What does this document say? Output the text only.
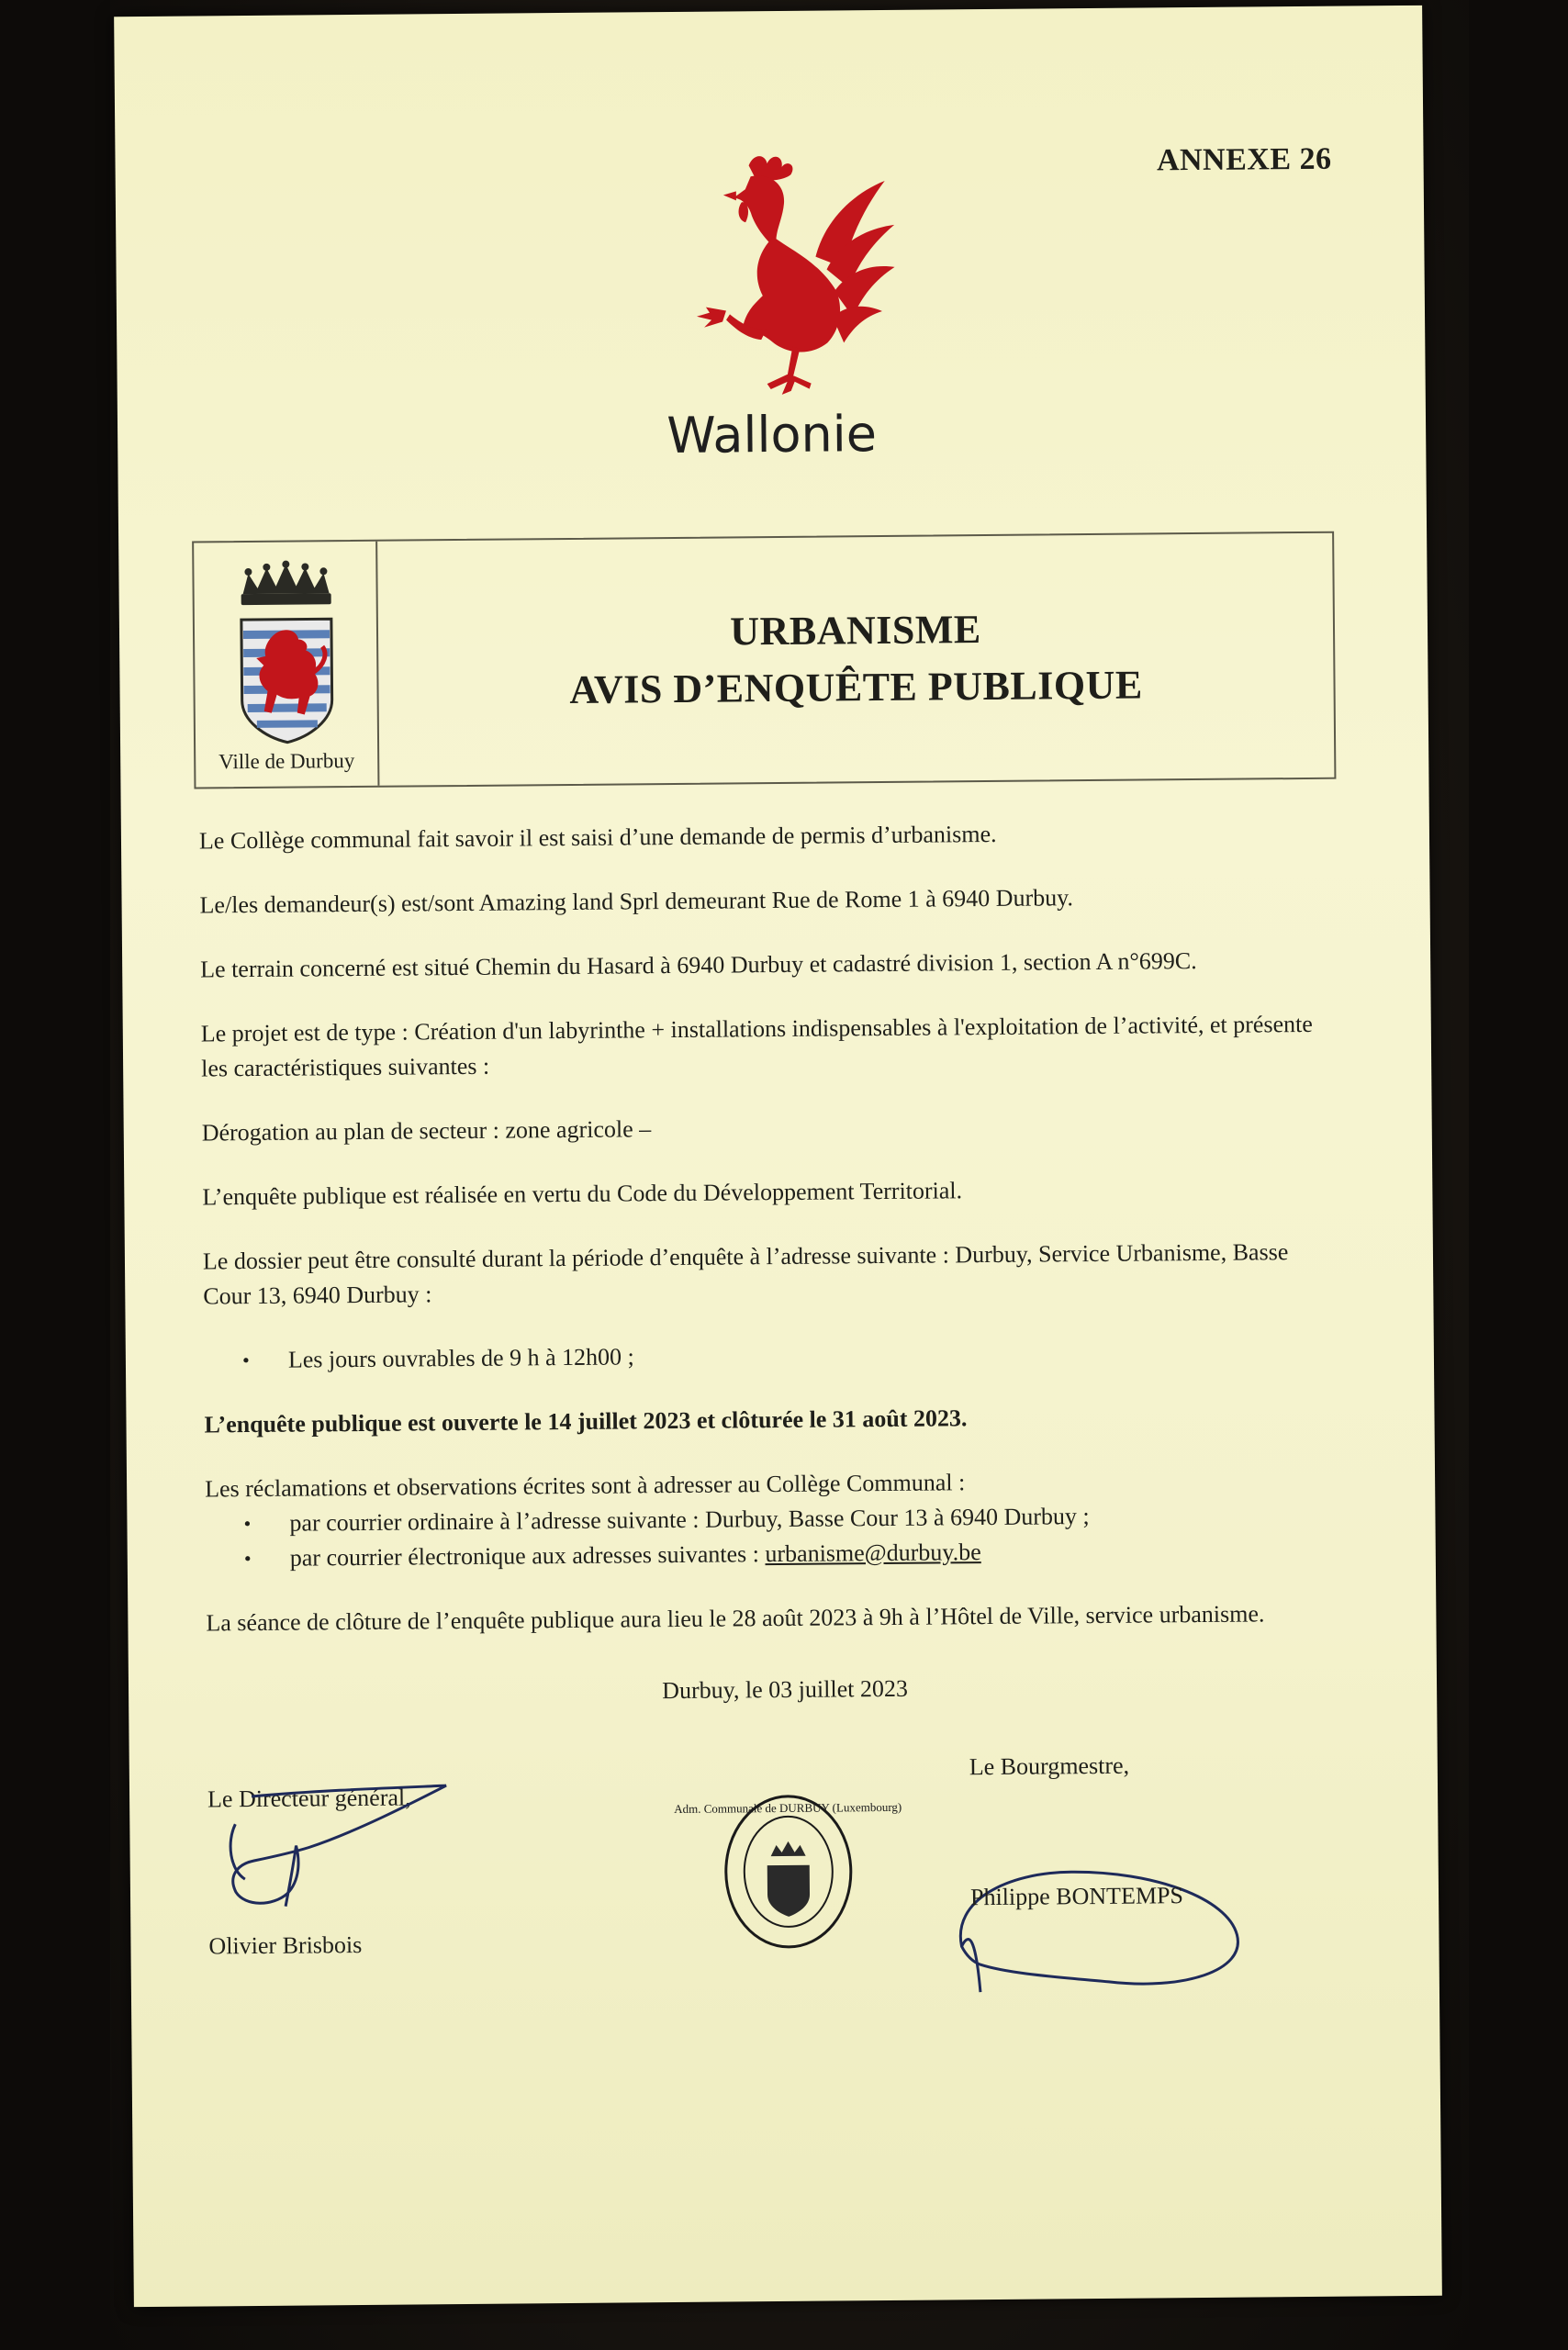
ANNEXE 26
Wallonie
Ville de Durbuy
URBANISME
AVIS D’ENQUÊTE PUBLIQUE

Le Collège communal fait savoir il est saisi d’une demande de permis d’urbanisme.

Le/les demandeur(s) est/sont Amazing land Sprl demeurant Rue de Rome 1 à 6940 Durbuy.

Le terrain concerné est situé Chemin du Hasard à 6940 Durbuy et cadastré division 1, section A n°699C.

Le projet est de type : Création d'un labyrinthe + installations indispensables à l'exploitation de l’activité, et présente

les caractéristiques suivantes :

Dérogation au plan de secteur : zone agricole –

L’enquête publique est réalisée en vertu du Code du Développement Territorial.

Le dossier peut être consulté durant la période d’enquête à l’adresse suivante : Durbuy, Service Urbanisme, Basse

Cour 13, 6940 Durbuy :

•	Les jours ouvrables de 9 h à 12h00 ;

L’enquête publique est ouverte le 14 juillet 2023 et clôturée le 31 août 2023.

Les réclamations et observations écrites sont à adresser au Collège Communal :

•	par courrier ordinaire à l’adresse suivante : Durbuy, Basse Cour 13 à 6940 Durbuy ;
•	par courrier électronique aux adresses suivantes : urbanisme@durbuy.be

La séance de clôture de l’enquête publique aura lieu le 28 août 2023 à 9h à l’Hôtel de Ville, service urbanisme.

Durbuy, le 03 juillet 2023

Le Directeur général,
Olivier Brisbois
Adm. Communale de DURBUY (Luxembourg)
Le Bourgmestre,
Philippe BONTEMPS
